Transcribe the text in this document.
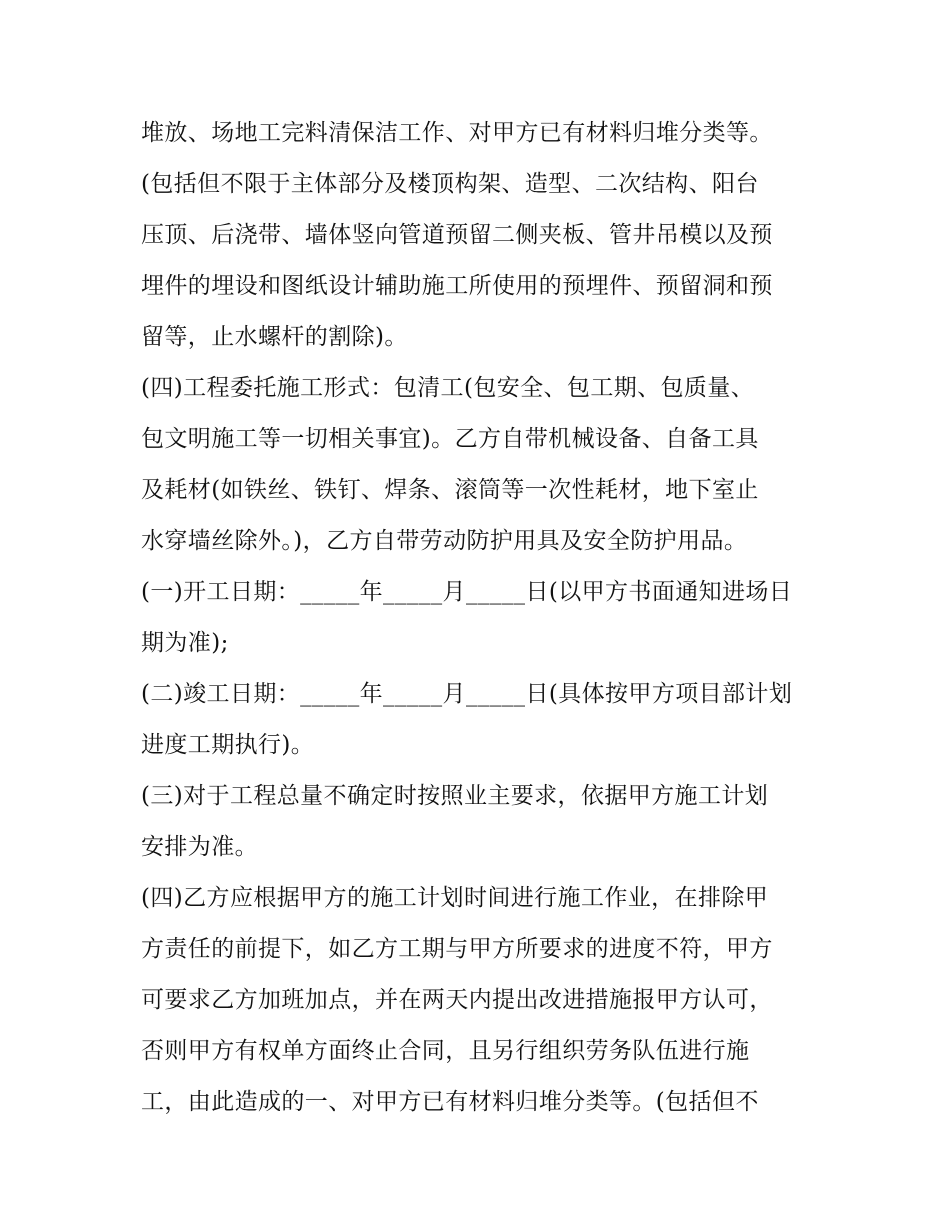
堆放、场地工完料清保洁工作、对甲方已有材料归堆分类等。
(包括但不限于主体部分及楼顶构架、造型、二次结构、阳台
压顶、后浇带、墙体竖向管道预留二侧夹板、管井吊模以及预
埋件的埋设和图纸设计辅助施工所使用的预埋件、预留洞和预
留等，止水螺杆的割除)。
(四)工程委托施工形式：包清工(包安全、包工期、包质量、
包文明施工等一切相关事宜)。乙方自带机械设备、自备工具
及耗材(如铁丝、铁钉、焊条、滚筒等一次性耗材，地下室止
水穿墙丝除外。)，乙方自带劳动防护用具及安全防护用品。
(一)开工日期：_____年_____月_____日(以甲方书面通知进场日
期为准);
(二)竣工日期：_____年_____月_____日(具体按甲方项目部计划
进度工期执行)。
(三)对于工程总量不确定时按照业主要求，依据甲方施工计划
安排为准。
(四)乙方应根据甲方的施工计划时间进行施工作业，在排除甲
方责任的前提下，如乙方工期与甲方所要求的进度不符，甲方
可要求乙方加班加点，并在两天内提出改进措施报甲方认可，
否则甲方有权单方面终止合同，且另行组织劳务队伍进行施
工，由此造成的一、对甲方已有材料归堆分类等。(包括但不
